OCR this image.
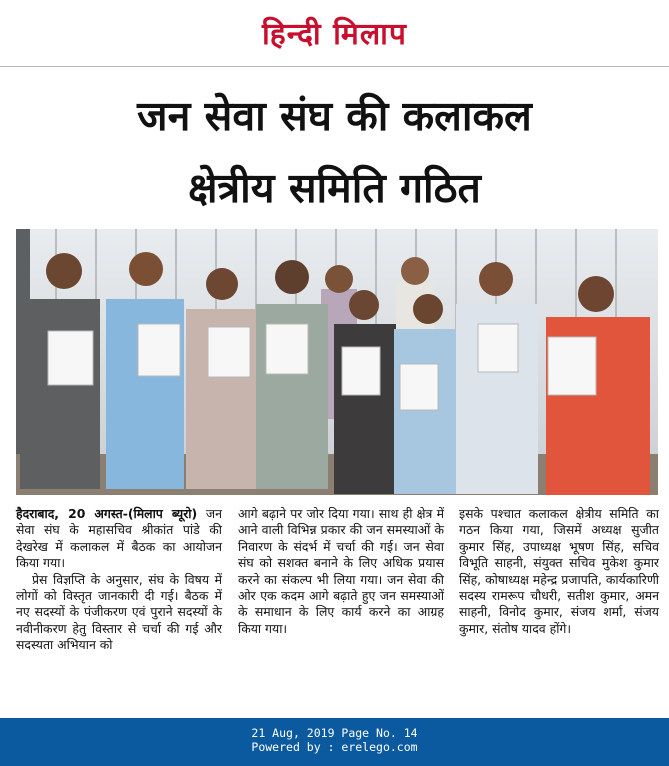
हिन्दी मिलाप
जन सेवा संघ की कलाकल
क्षेत्रीय समिति गठित

हैदराबाद, 20 अगस्त-(मिलाप ब्यूरो) जन सेवा संघ के महासचिव श्रीकांत पांडे की देखरेख में कलाकल में बैठक का आयोजन किया गया।

प्रेस विज्ञप्ति के अनुसार, संघ के विषय में लोगों को विस्तृत जानकारी दी गई। बैठक में नए सदस्यों के पंजीकरण एवं पुराने सदस्यों के नवीनीकरण हेतु विस्तार से चर्चा की गई और सदस्यता अभियान को

आगे बढ़ाने पर जोर दिया गया। साथ ही क्षेत्र में आने वाली विभिन्न प्रकार की जन समस्याओं के निवारण के संदर्भ में चर्चा की गई। जन सेवा संघ को सशक्त बनाने के लिए अधिक प्रयास करने का संकल्प भी लिया गया। जन सेवा की ओर एक कदम आगे बढ़ाते हुए जन समस्याओं के समाधान के लिए कार्य करने का आग्रह किया गया।

इसके पश्चात कलाकल क्षेत्रीय समिति का गठन किया गया, जिसमें अध्यक्ष सुजीत कुमार सिंह, उपाध्यक्ष भूषण सिंह, सचिव विभूति साहनी, संयुक्त सचिव मुकेश कुमार सिंह, कोषाध्यक्ष महेन्द्र प्रजापति, कार्यकारिणी सदस्य रामरूप चौधरी, सतीश कुमार, अमन साहनी, विनोद कुमार, संजय शर्मा, संजय कुमार, संतोष यादव होंगे।

21 Aug, 2019 Page No. 14
Powered by : erelego.com
